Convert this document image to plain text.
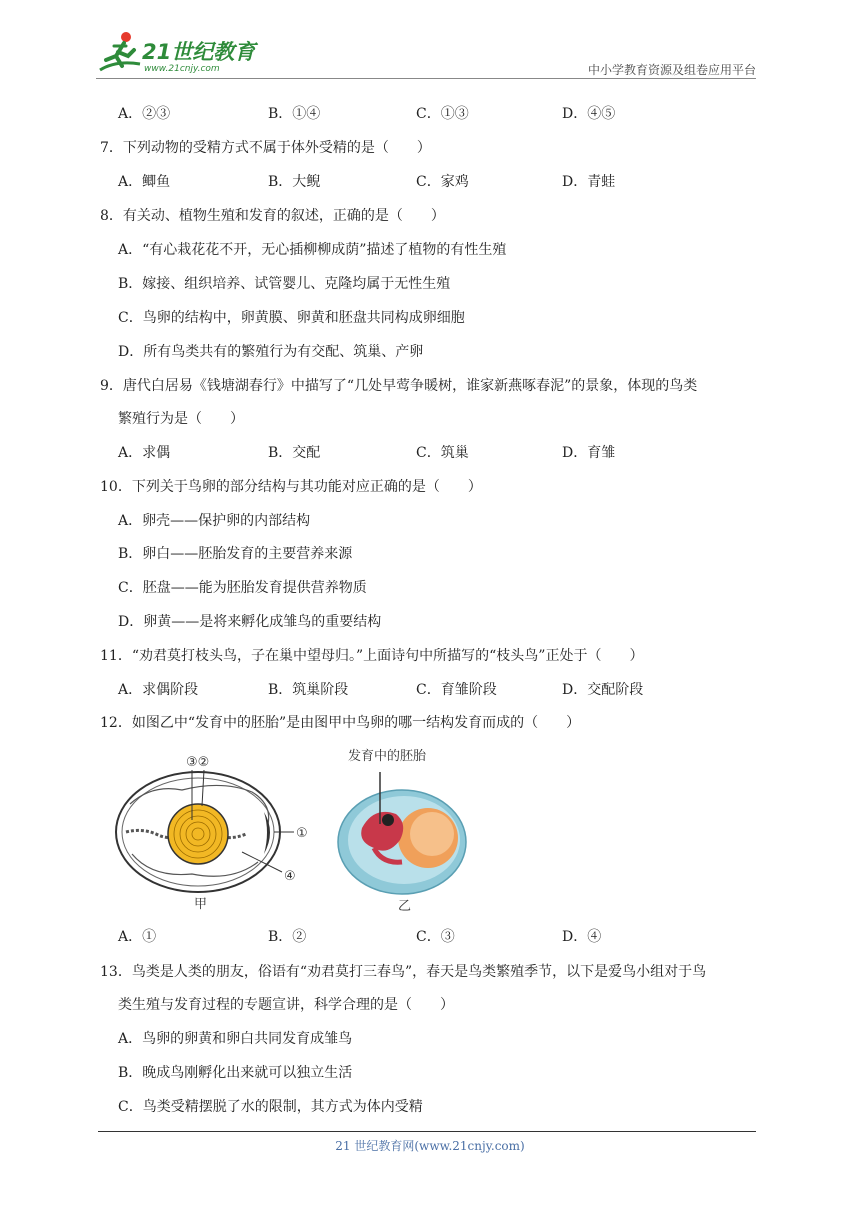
21世纪教育
www.21cnjy.com	中小学教育资源及组卷应用平台
A．②③	B．①④	C．①③	D．④⑤
7．下列动物的受精方式不属于体外受精的是（　　）
A．鲫鱼	B．大鲵	C．家鸡	D．青蛙
8．有关动、植物生殖和发育的叙述，正确的是（　　）
A．“有心栽花花不开，无心插柳柳成荫”描述了植物的有性生殖
B．嫁接、组织培养、试管婴儿、克隆均属于无性生殖
C．鸟卵的结构中，卵黄膜、卵黄和胚盘共同构成卵细胞
D．所有鸟类共有的繁殖行为有交配、筑巢、产卵
9．唐代白居易《钱塘湖春行》中描写了“几处早莺争暖树，谁家新燕啄春泥”的景象，体现的鸟类
繁殖行为是（　　）
A．求偶	B．交配	C．筑巢	D．育雏
10．下列关于鸟卵的部分结构与其功能对应正确的是（　　）
A．卵壳——保护卵的内部结构
B．卵白——胚胎发育的主要营养来源
C．胚盘——能为胚胎发育提供营养物质
D．卵黄——是将来孵化成雏鸟的重要结构
11．“劝君莫打枝头鸟，子在巢中望母归。”上面诗句中所描写的“枝头鸟”正处于（　　）
A．求偶阶段	B．筑巢阶段	C．育雏阶段	D．交配阶段
12．如图乙中“发育中的胚胎”是由图甲中鸟卵的哪一结构发育而成的（　　）
③②
①
④
甲
发育中的胚胎
乙
A．①	B．②	C．③	D．④
13．鸟类是人类的朋友，俗语有“劝君莫打三春鸟”，春天是鸟类繁殖季节，以下是爱鸟小组对于鸟
类生殖与发育过程的专题宣讲，科学合理的是（　　）
A．鸟卵的卵黄和卵白共同发育成雏鸟
B．晚成鸟刚孵化出来就可以独立生活
C．鸟类受精摆脱了水的限制，其方式为体内受精
21 世纪教育网(www.21cnjy.com)
